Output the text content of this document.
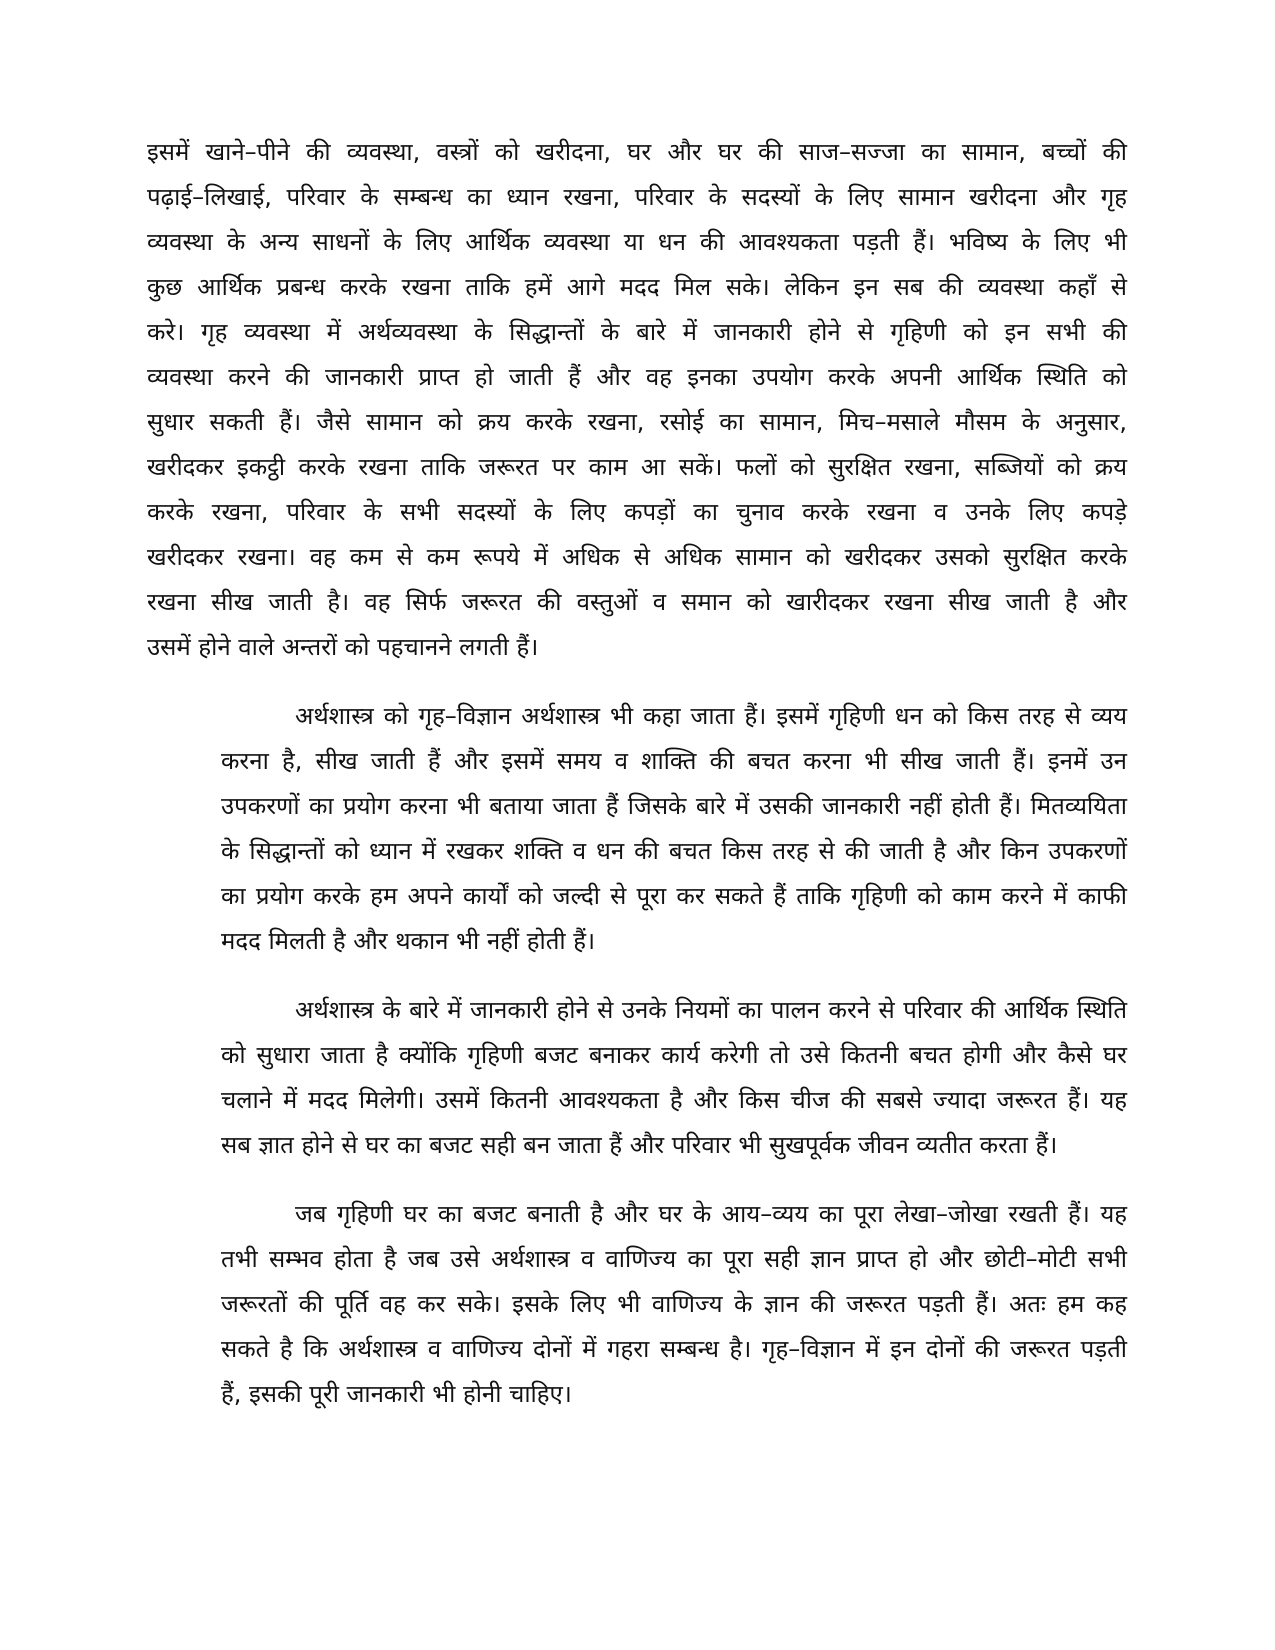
इसमें खाने–पीने की व्यवस्था, वस्त्रों को खरीदना, घर और घर की साज–सज्जा का सामान, बच्चों की
पढ़ाई–लिखाई, परिवार के सम्बन्ध का ध्यान रखना, परिवार के सदस्यों के लिए सामान खरीदना और गृह
व्यवस्था के अन्य साधनों के लिए आर्थिक व्यवस्था या धन की आवश्यकता पड़ती हैं। भविष्य के लिए भी
कुछ आर्थिक प्रबन्ध करके रखना ताकि हमें आगे मदद मिल सके। लेकिन इन सब की व्यवस्था कहाँ से
करे। गृह व्यवस्था में अर्थव्यवस्था के सिद्धान्तों के बारे में जानकारी होने से गृहिणी को इन सभी की
व्यवस्था करने की जानकारी प्राप्त हो जाती हैं और वह इनका उपयोग करके अपनी आर्थिक स्थिति को
सुधार सकती हैं। जैसे सामान को क्रय करके रखना, रसोई का सामान, मिच–मसाले मौसम के अनुसार,
खरीदकर इकट्ठी करके रखना ताकि जरूरत पर काम आ सकें। फलों को सुरक्षित रखना, सब्जियों को क्रय
करके रखना, परिवार के सभी सदस्यों के लिए कपड़ों का चुनाव करके रखना व उनके लिए कपड़े
खरीदकर रखना। वह कम से कम रूपये में अधिक से अधिक सामान को खरीदकर उसको सुरक्षित करके
रखना सीख जाती है। वह सिर्फ जरूरत की वस्तुओं व समान को खारीदकर रखना सीख जाती है और
उसमें होने वाले अन्तरों को पहचानने लगती हैं।
अर्थशास्त्र को गृह–विज्ञान अर्थशास्त्र भी कहा जाता हैं। इसमें गृहिणी धन को किस तरह से व्यय
करना है, सीख जाती हैं और इसमें समय व शाक्ति की बचत करना भी सीख जाती हैं। इनमें उन
उपकरणों का प्रयोग करना भी बताया जाता हैं जिसके बारे में उसकी जानकारी नहीं होती हैं। मितव्ययिता
के सिद्धान्तों को ध्यान में रखकर शक्ति व धन की बचत किस तरह से की जाती है और किन उपकरणों
का प्रयोग करके हम अपने कार्यों को जल्दी से पूरा कर सकते हैं ताकि गृहिणी को काम करने में काफी
मदद मिलती है और थकान भी नहीं होती हैं।
अर्थशास्त्र के बारे में जानकारी होने से उनके नियमों का पालन करने से परिवार की आर्थिक स्थिति
को सुधारा जाता है क्योंकि गृहिणी बजट बनाकर कार्य करेगी तो उसे कितनी बचत होगी और कैसे घर
चलाने में मदद मिलेगी। उसमें कितनी आवश्यकता है और किस चीज की सबसे ज्यादा जरूरत हैं। यह
सब ज्ञात होने से घर का बजट सही बन जाता हैं और परिवार भी सुखपूर्वक जीवन व्यतीत करता हैं।
जब गृहिणी घर का बजट बनाती है और घर के आय–व्यय का पूरा लेखा–जोखा रखती हैं। यह
तभी सम्भव होता है जब उसे अर्थशास्त्र व वाणिज्य का पूरा सही ज्ञान प्राप्त हो और छोटी–मोटी सभी
जरूरतों की पूर्ति वह कर सके। इसके लिए भी वाणिज्य के ज्ञान की जरूरत पड़ती हैं। अतः हम कह
सकते है कि अर्थशास्त्र व वाणिज्य दोनों में गहरा सम्बन्ध है। गृह–विज्ञान में इन दोनों की जरूरत पड़ती
हैं, इसकी पूरी जानकारी भी होनी चाहिए।
